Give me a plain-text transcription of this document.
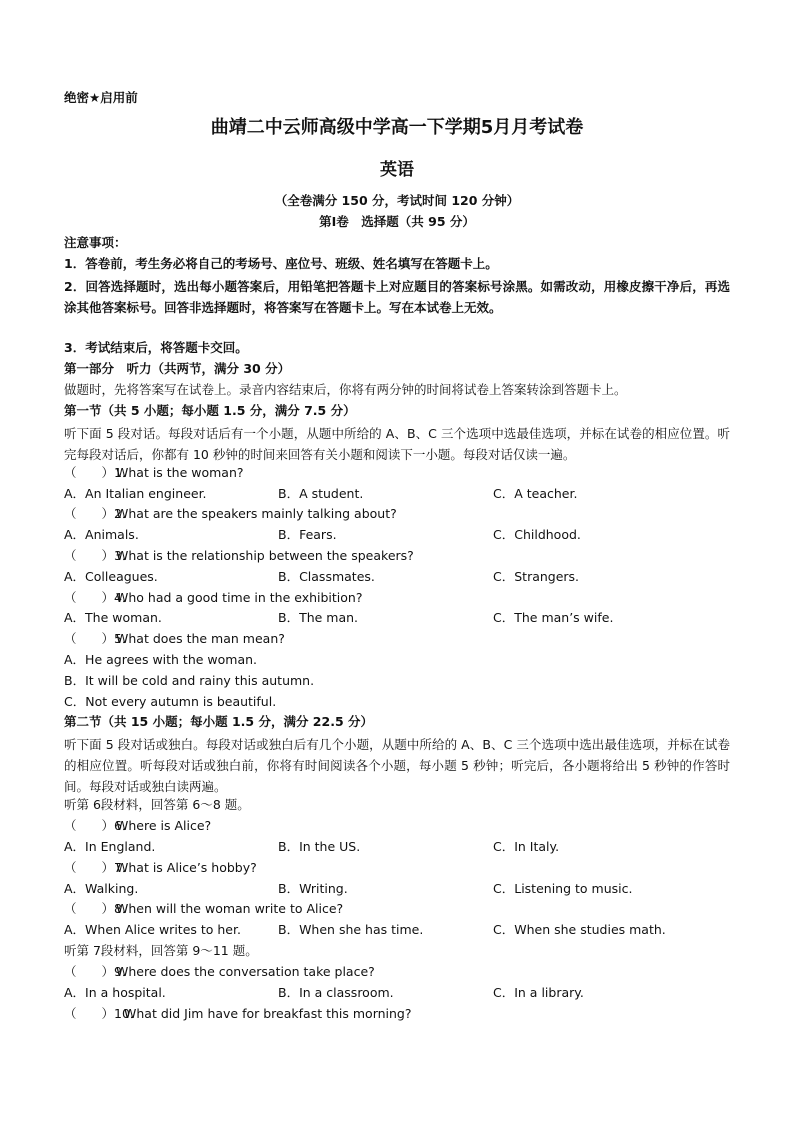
绝密★启用前
曲靖二中云师高级中学高一下学期5月月考试卷
英语
（全卷满分 150 分，考试时间 120 分钟）
第Ⅰ卷　选择题（共 95 分）
注意事项：
1．答卷前，考生务必将自己的考场号、座位号、班级、姓名填写在答题卡上。
2．回答选择题时，选出每小题答案后，用铅笔把答题卡上对应题目的答案标号涂黑。如需改动，用橡皮擦干净后，再选涂其他答案标号。回答非选择题时，将答案写在答题卡上。写在本试卷上无效。
3．考试结束后，将答题卡交回。
第一部分　听力（共两节，满分 30 分）
做题时，先将答案写在试卷上。录音内容结束后，你将有两分钟的时间将试卷上答案转涂到答题卡上。
第一节（共 5 小题；每小题 1.5 分，满分 7.5 分）
听下面 5 段对话。每段对话后有一个小题，从题中所给的 A、B、C 三个选项中选最佳选项，并标在试卷的相应位置。听完每段对话后，你都有 10 秒钟的时间来回答有关小题和阅读下一小题。每段对话仅读一遍。
（　　）1．What is the woman?
A．An Italian engineer.	B．A student.	C．A teacher.
（　　）2．What are the speakers mainly talking about?
A．Animals.	B．Fears.	C．Childhood.
（　　）3．What is the relationship between the speakers?
A．Colleagues.	B．Classmates.	C．Strangers.
（　　）4．Who had a good time in the exhibition?
A．The woman.	B．The man.	C．The man’s wife.
（　　）5．What does the man mean?
A．He agrees with the woman.
B．It will be cold and rainy this autumn.
C．Not every autumn is beautiful.
第二节（共 15 小题；每小题 1.5 分，满分 22.5 分）
听下面 5 段对话或独白。每段对话或独白后有几个小题，从题中所给的 A、B、C 三个选项中选出最佳选项，并标在试卷的相应位置。听每段对话或独白前，你将有时间阅读各个小题，每小题 5 秒钟；听完后，各小题将给出 5 秒钟的作答时间。每段对话或独白读两遍。
听第 6段材料，回答第 6～8 题。
（　　）6．Where is Alice?
A．In England.	B．In the US.	C．In Italy.
（　　）7．What is Alice’s hobby?
A．Walking.	B．Writing.	C．Listening to music.
（　　）8．When will the woman write to Alice?
A．When Alice writes to her.	B．When she has time.	C．When she studies math.
听第 7段材料，回答第 9～11 题。
（　　）9．Where does the conversation take place?
A．In a hospital.	B．In a classroom.	C．In a library.
（　　）10．What did Jim have for breakfast this morning?
